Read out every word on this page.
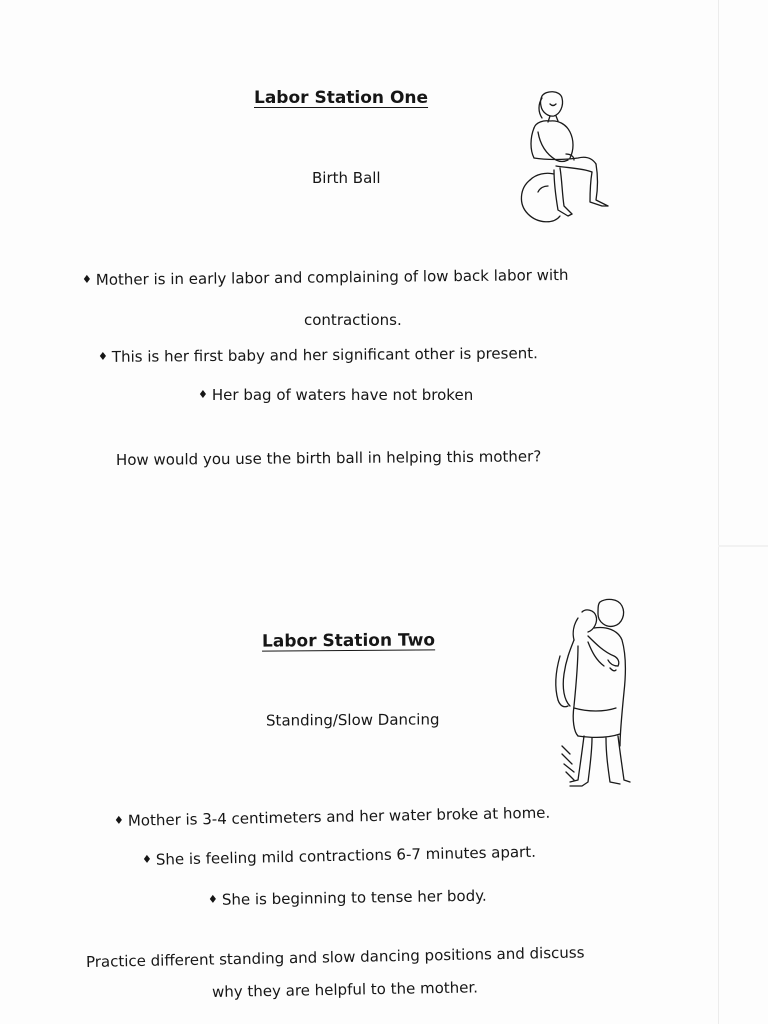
Labor Station One
Birth Ball
♦ Mother is in early labor and complaining of low back labor with
contractions.
♦ This is her first baby and her significant other is present.
♦ Her bag of waters have not broken
How would you use the birth ball in helping this mother?
Labor Station Two
Standing/Slow Dancing
♦ Mother is 3-4 centimeters and her water broke at home.
♦ She is feeling mild contractions 6-7 minutes apart.
♦ She is beginning to tense her body.
Practice different standing and slow dancing positions and discuss
why they are helpful to the mother.
